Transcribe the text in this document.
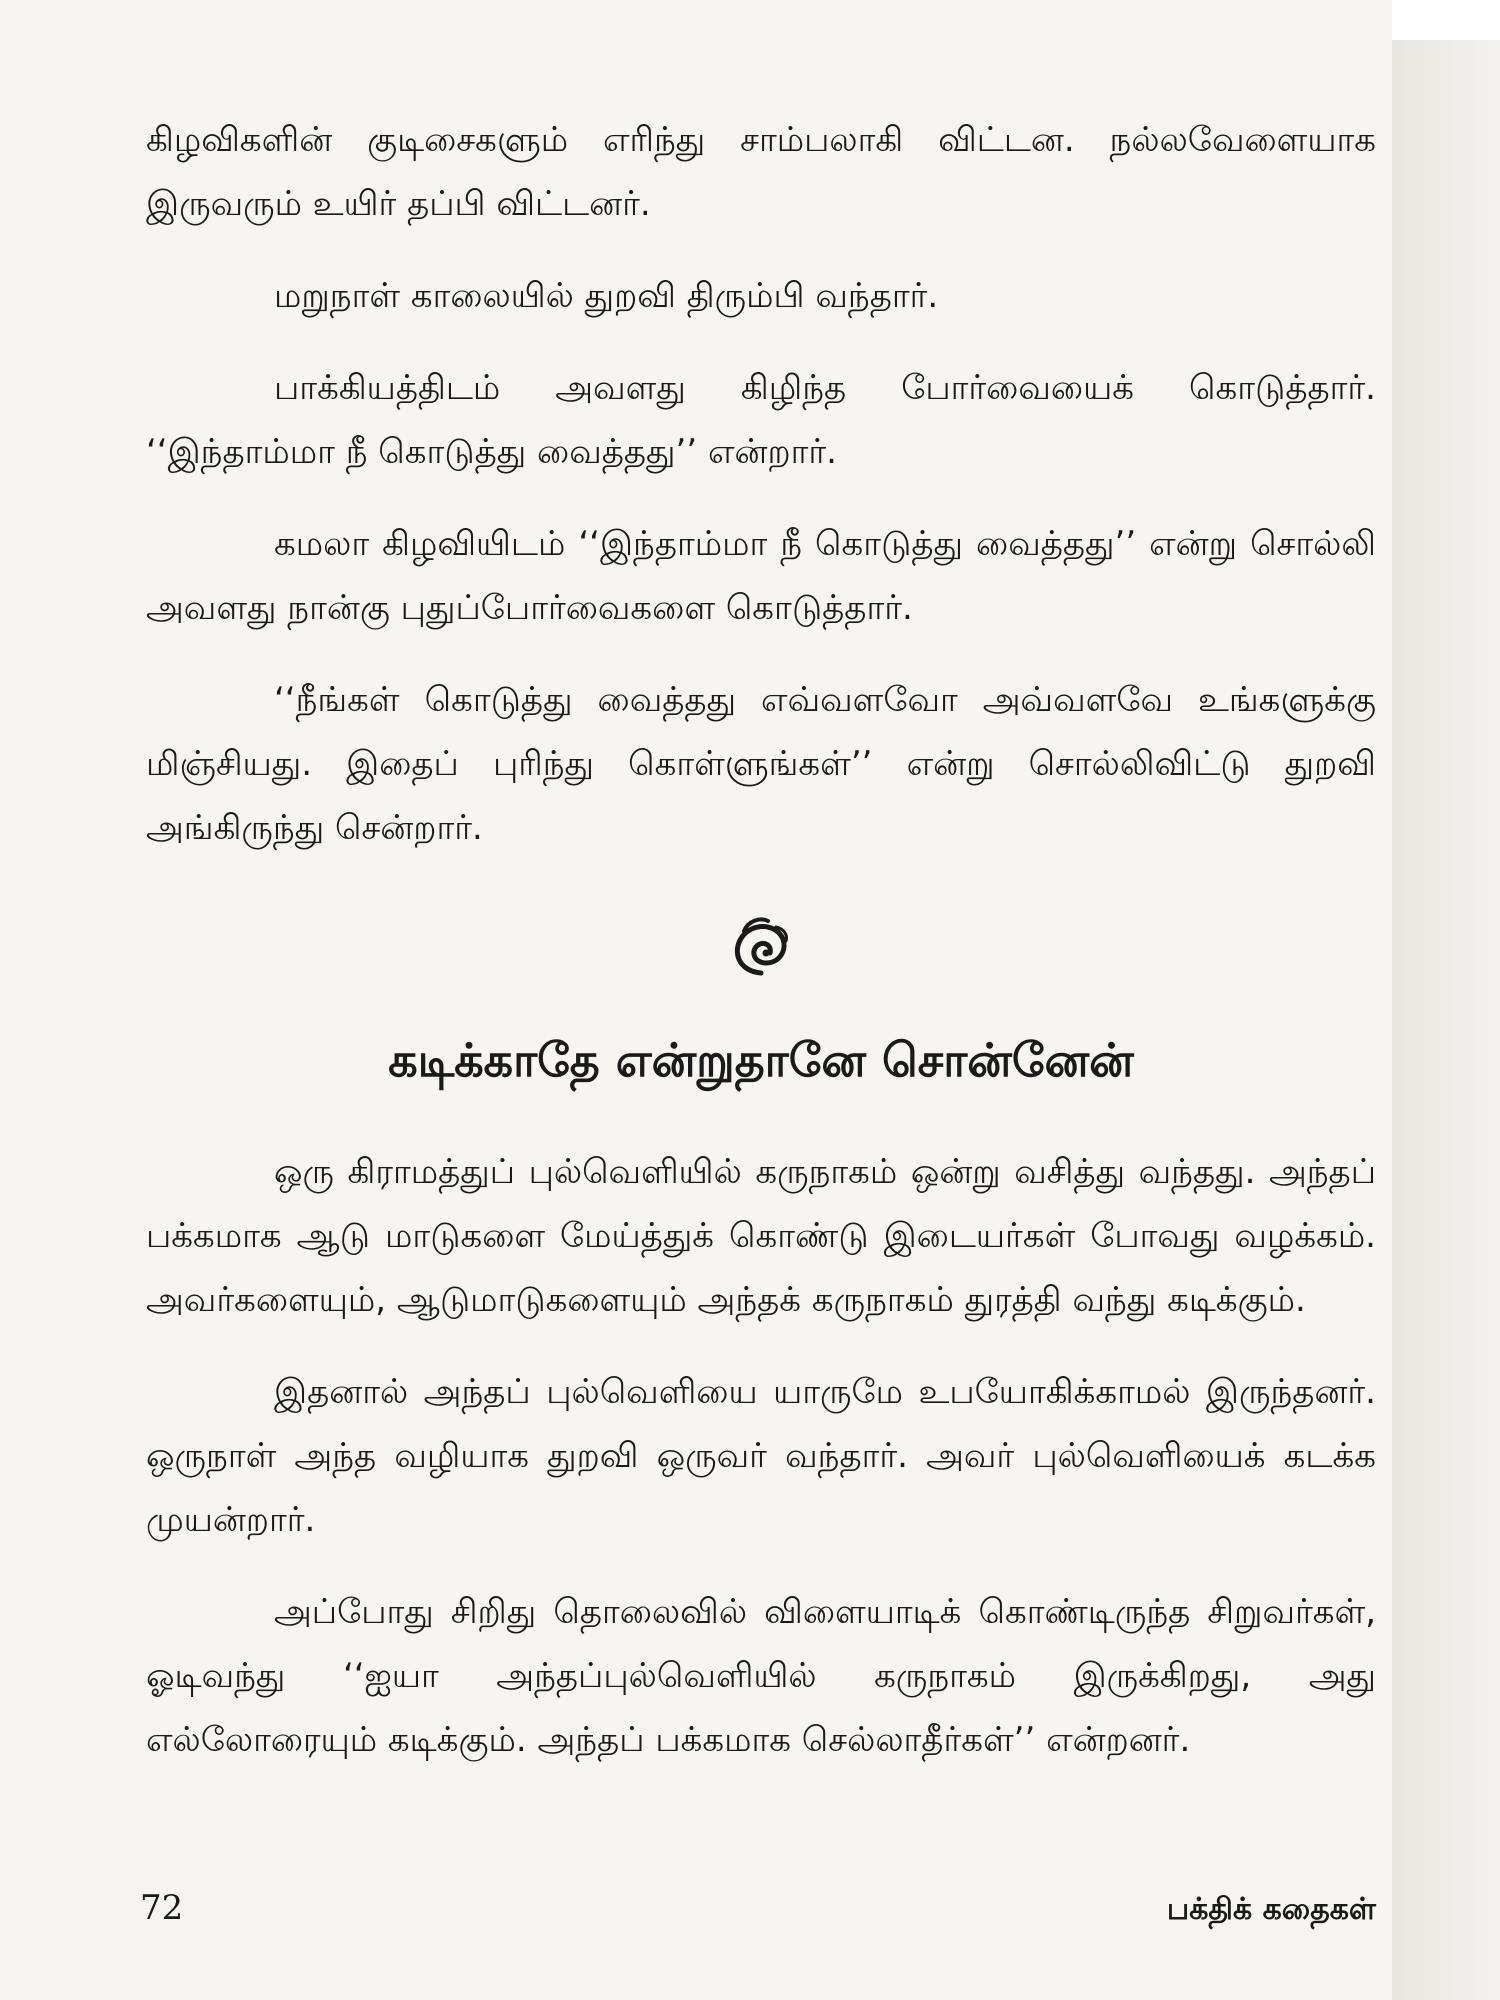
கிழவிகளின் குடிசைகளும் எரிந்து சாம்பலாகி விட்டன. நல்லவேளையாக இருவரும் உயிர் தப்பி விட்டனர்.

மறுநாள் காலையில் துறவி திரும்பி வந்தார்.

பாக்கியத்திடம் அவளது கிழிந்த போர்வையைக் கொடுத்தார். ‘‘இந்தாம்மா நீ கொடுத்து வைத்தது’’ என்றார்.

கமலா கிழவியிடம் ‘‘இந்தாம்மா நீ கொடுத்து வைத்தது’’ என்று சொல்லி அவளது நான்கு புதுப்போர்வைகளை கொடுத்தார்.

‘‘நீங்கள் கொடுத்து வைத்தது எவ்வளவோ அவ்வளவே உங்களுக்கு மிஞ்சியது. இதைப் புரிந்து கொள்ளுங்கள்’’ என்று சொல்லிவிட்டு துறவி அங்கிருந்து சென்றார்.

கடிக்காதே என்றுதானே சொன்னேன்

ஒரு கிராமத்துப் புல்வெளியில் கருநாகம் ஒன்று வசித்து வந்தது. அந்தப் பக்கமாக ஆடு மாடுகளை மேய்த்துக் கொண்டு இடையர்கள் போவது வழக்கம். அவர்களையும், ஆடுமாடுகளையும் அந்தக் கருநாகம் துரத்தி வந்து கடிக்கும்.

இதனால் அந்தப் புல்வெளியை யாருமே உபயோகிக்காமல் இருந்தனர். ஒருநாள் அந்த வழியாக துறவி ஒருவர் வந்தார். அவர் புல்வெளியைக் கடக்க முயன்றார்.

அப்போது சிறிது தொலைவில் விளையாடிக் கொண்டிருந்த சிறுவர்கள், ஓடிவந்து ‘‘ஐயா அந்தப்புல்வெளியில் கருநாகம் இருக்கிறது, அது எல்லோரையும் கடிக்கும். அந்தப் பக்கமாக செல்லாதீர்கள்’’ என்றனர்.

72	பக்திக் கதைகள்
